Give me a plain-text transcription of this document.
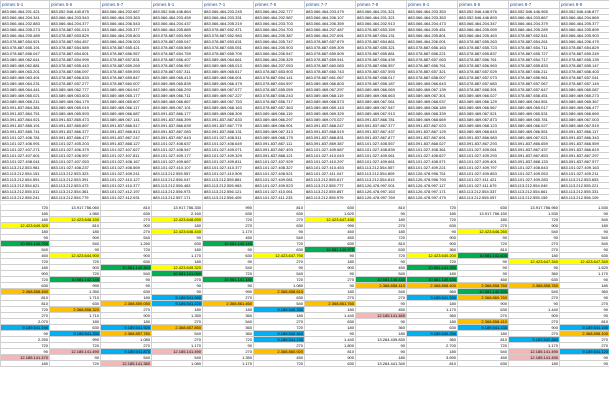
primes 5-1	primes 5-5	primes 5-7	primes 5-1	primes 7-1	primes 7-5	primes 7-7	primes 7-8	primes 8-1	primes 8-5	primes 8-7	primes 8-9
883.066.464.201.421	883.052.546.440.875	883.066.464.202.667	883.052.546.446.864	883.066.464.203.245	883.066.464.202.777	883.066.464.203.479	883.066.464.201.321	883.066.464.203.353	883.052.546.448.976	883.052.546.446.965	883.052.546.446.877
883.066.464.204.341	883.066.464.203.543	883.066.464.203.363	883.066.464.203.459	883.066.464.203.331	883.066.464.202.987	883.066.464.206.107	883.066.464.201.321	883.066.464.203.353	883.052.546.446.893	883.066.464.203.867	883.066.464.204.869
883.066.464.202.883	883.066.464.204.377	883.066.464.206.543	883.066.464.204.437	883.066.464.205.219	883.066.464.203.703	883.066.464.206.359	883.066.464.202.913	883.066.464.204.473	883.066.464.204.347	883.066.464.204.379	883.066.464.205.377
883.066.464.205.273	883.078.887.651.013	883.066.464.205.377	883.066.464.205.889	883.078.887.652.471	883.066.464.204.703	883.066.464.207.487	883.078.887.653.159	883.066.464.205.451	883.066.464.205.059	883.066.464.205.289	883.066.464.205.899
883.066.464.205.489	883.078.887.653.829	883.066.464.205.803	883.078.887.653.969	883.078.887.652.983	883.066.464.205.387	883.066.464.207.691	883.078.887.654.131	883.066.464.205.801	883.066.464.205.463	883.078.887.652.541	883.066.464.205.903
883.078.887.654.921	883.078.887.654.457	883.066.464.206.003	883.078.887.655.047	883.078.887.653.631	883.066.464.205.747	883.078.887.657.879	883.078.887.654.861	883.066.464.206.001	883.078.887.655.263	883.078.887.654.261	883.066.464.206.479
883.078.887.655.191	883.078.887.654.589	883.078.887.655.421	883.078.887.655.569	883.078.887.655.051	883.066.464.205.903	883.078.887.659.309	883.078.887.655.321	883.078.887.656.163	883.078.887.655.723	883.078.887.654.711	883.078.887.654.829
883.078.887.656.047	883.078.887.654.601	883.078.887.656.957	883.078.887.654.759	883.078.887.655.709	883.066.464.206.547	883.078.887.659.509	883.078.887.655.881	883.078.887.656.221	883.078.887.655.837	883.078.887.655.727	883.078.887.655.249
883.089.469.062.641	883.078.887.654.999	883.078.887.657.831	883.078.887.656.407	883.089.469.064.661	883.066.464.206.329	883.078.887.659.941	883.078.887.656.439	883.078.887.657.063	883.078.887.656.761	883.078.887.654.717	883.078.887.655.139
883.089.469.062.881	883.078.887.655.443	883.078.887.659.269	883.078.887.656.957	883.089.469.065.013	883.066.464.207.053	883.078.887.660.083	883.078.887.656.557	883.078.887.656.761	883.078.887.656.963	883.078.887.655.833	883.078.887.655.147
883.089.469.063.201	883.078.887.656.097	883.078.887.659.593	883.078.887.657.311	883.089.469.065.617	883.078.887.653.903	883.078.887.660.743	883.078.887.657.593	883.078.887.657.321	883.078.887.657.029	883.078.887.656.211	883.078.887.656.403
883.089.469.063.491	883.078.887.656.633	883.078.887.659.847	883.089.469.065.413	883.089.469.066.001	883.078.887.654.141	883.078.887.661.067	883.078.887.658.017	883.078.887.658.007	883.078.887.657.073	883.078.887.656.961	883.078.887.657.041
883.089.469.064.231	883.078.887.657.277	883.078.887.660.007	883.089.469.065.839	883.089.469.066.479	883.078.887.654.597	883.089.469.066.803	883.078.887.658.187	883.089.469.066.643	883.078.887.657.683	883.078.887.657.067	883.078.887.657.149
883.089.469.064.441	883.089.469.062.777	883.089.469.064.947	883.089.469.066.293	883.089.469.067.077	883.078.887.655.059	883.089.469.067.297	883.089.469.066.069	883.089.469.067.139	883.078.887.658.391	883.078.887.657.647	883.089.469.065.087
883.089.469.065.021	883.089.469.063.603	883.089.469.065.177	883.089.469.066.711	883.089.469.067.227	883.078.887.656.243	883.089.469.068.119	883.089.469.066.663	883.089.469.067.301	883.089.469.066.027	883.078.887.658.451	883.089.469.065.273
883.089.469.065.211	883.089.469.064.179	883.089.469.065.607	883.089.469.066.867	883.089.469.067.753	883.078.887.656.717	883.089.469.068.573	883.089.469.067.061	883.089.469.068.037	883.089.469.066.129	883.089.469.064.551	883.089.469.065.367
883.091.837.864.381	883.089.469.065.019	883.089.469.066.117	883.089.469.067.101	883.089.469.068.163	883.078.887.657.363	883.089.469.069.143	883.089.469.067.547	883.089.469.068.189	883.089.469.066.567	883.089.469.065.017	883.089.469.066.477
883.091.837.864.751	883.089.469.065.593	883.089.469.066.687	883.091.837.866.177	883.089.469.068.309	883.089.469.066.119	883.089.469.069.329	883.089.469.067.913	883.089.469.068.339	883.089.469.067.521	883.089.469.065.531	883.089.469.066.669
883.091.837.864.921	883.091.837.865.473	883.089.469.067.141	883.091.837.866.399	883.091.837.867.633	883.089.469.066.297	883.089.469.070.027	883.091.837.866.781	883.089.469.068.669	883.089.469.067.873	883.089.469.065.781	883.089.469.067.003
883.091.837.865.191	883.091.837.865.897	883.091.837.866.517	883.091.837.866.639	883.091.837.867.779	883.089.469.066.901	883.091.837.868.247	883.091.837.867.377	883.091.837.867.023	883.089.469.068.123	883.089.469.066.027	883.089.469.067.519
883.091.837.865.741	883.091.837.866.377	883.091.837.866.813	883.091.837.867.083	883.091.837.868.131	883.089.469.067.313	883.091.837.868.519	883.091.837.867.437	883.091.837.867.129	883.089.469.068.643	883.089.469.066.551	883.091.837.866.117
883.101.027.406.781	883.091.837.866.477	883.091.837.867.247	883.091.837.867.643	883.101.027.408.511	883.089.469.068.179	883.091.837.868.831	883.091.837.867.877	883.091.837.867.691	883.091.837.866.983	883.089.469.067.021	883.091.837.866.343
883.101.027.406.991	883.101.027.405.203	883.091.837.868.127	883.101.027.408.637	883.101.027.408.649	883.091.837.867.111	883.091.837.869.387	883.101.027.408.557	883.091.837.868.027	883.091.837.867.293	883.091.837.866.659	883.091.837.866.559
883.101.027.407.271	883.101.027.406.379	883.101.027.407.627	883.101.027.408.947	883.101.027.409.071	883.091.837.867.493	883.101.027.409.687	883.101.027.408.839	883.101.027.408.361	883.101.027.409.061	883.091.837.867.437	883.091.837.866.819
883.101.027.407.601	883.101.027.406.597	883.101.027.407.811	883.101.027.409.177	883.101.027.409.329	883.091.837.868.121	883.101.027.410.043	883.101.027.409.061	883.101.027.408.627	883.101.027.409.293	883.091.837.867.853	883.091.837.867.297
883.101.027.408.041	883.101.027.407.053	883.101.027.408.167	883.101.027.409.667	883.101.027.409.811	883.101.027.407.929	883.101.027.410.297	883.101.027.409.661	883.101.027.408.971	883.101.027.409.401	883.091.837.868.133	883.091.837.867.577
883.113.212.553.981	883.101.027.408.237	883.101.027.408.569	883.101.027.410.107	883.101.027.410.377	883.101.027.408.327	883.101.027.410.453	883.113.212.554.557	883.101.027.409.221	883.101.027.409.797	883.101.027.408.643	883.101.027.409.163
883.113.212.554.151	883.113.212.553.323	883.101.027.409.241	883.113.212.555.557	883.101.027.410.509	883.101.027.408.521	883.101.027.411.047	883.113.212.554.809	883.126.478.996.751	883.101.027.409.853	883.101.027.409.053	883.101.027.409.211
883.113.212.554.591	883.113.212.553.391	883.101.027.410.127	883.113.212.556.047	883.113.212.555.881	883.101.027.409.081	883.113.212.555.617	883.113.212.554.813	883.126.478.996.793	883.101.027.411.421	883.101.027.409.283	883.113.212.553.653
883.113.212.554.621	883.113.212.553.473	883.101.027.410.377	883.113.212.556.463	883.113.212.555.963	883.101.027.409.523	883.113.212.555.777	883.126.478.997.001	883.126.478.997.117	883.101.027.411.679	883.113.212.554.049	883.113.212.555.221
883.113.212.555.011	883.113.212.554.361	883.101.027.412.197	883.113.212.556.973	883.113.212.556.121	883.101.027.410.061	883.113.212.555.857	883.126.478.997.163	883.126.478.997.171	883.113.212.554.337	883.113.212.554.661	883.113.212.555.331
883.113.212.555.241	883.113.212.554.779	883.101.027.412.931	883.113.212.557.171	883.113.212.556.409	883.101.027.411.233	883.113.212.555.979	883.126.478.997.769	883.126.478.997.479	883.113.212.555.057	883.113.212.555.159	883.113.212.556.109

720	13.917.756.060	810	13.917.756.330	990	810	630	810	720	630	13.917.756.960	1.530
180	1.980	630	2.160	630	630	1.620	90	180	13.917.756.150	1.530	90
180	12.423.648.150	270	12.423.648.690	720	270	12.423.647.430	180	720	180	720	540
12.423.649.320	810	900	180	270	630	990	270	630	270	900	180
180	180	270	12.423.646.440	1.170	90	450	180	90	12.423.646.260	540	90
90	900	540	90	450	540	450	720	900	90	90	540
10.581.140.700	540	1.260	630	10.581.142.140	720	630	810	900	720	270	540
540	90	720	180	90	630	10.581.140.970	630	360	810	270	90
450	12.423.644.900	900	1.170	630	12.423.647.790	90	720	12.423.640.200	10.581.141.600	180	630
720	720	630	180	90	270	180	90	720	90	12.423.647.340	12.423.647.340
180	900	10.581.140.340	12.423.649.320	540	90	900	450	10.581.141.330	90	90	1.620
900	720	540	10.581.141.060	720	540	90	540	180	90	360	1.170
720	10.581.142.140	90	270	10.581.141.150	720	270	10.581.140.430	10.581.139.630	450	630	90
630	990	90	90	90	1.080	90	2.368.858.410	2.368.858.400	2.368.858.760	2.368.858.760	180
2.368.858.490	1.350	630	90	990	2.368.858.610	180	540	360	10.581.140.520	540	360
810	1.710	180	9.189.541.980	270	630	270	270	9.189.541.530	2.368.860.760	270	90
810	630	2.368.859.050	9.189.541.220	2.368.861.460	540	2.368.861.760	90	180	900	90	270
720	2.368.858.320	270	180	180	9.189.540.330	180	450	1.170	630	1.440	90
270	1.710	900	1.350	360	180	1.440	12.185.141.460	360	270	900	90
2.070	180	180	270	540	270	630	90	180	2.368.858.410	270	810
9.189.541.190	630	9.189.541.920	2.368.857.850	360	720	180	360	630	9.189.541.430	900	9.189.541.190
90	9.189.541.330	2.368.857.780	540	360	9.189.542.460	90	180	9.189.540.290	180	270	2.368.858.100
2.250	990	1.080	270	720	9.189.541.130	1.440	13.264.439.830	360	810	9.189.540.880	270
720	720	270	1.170	90	270	1.800	90	2.700	720	1.170	270
90	12.185.141.490	9.189.541.870	12.185.141.490	270	2.368.860.920	810	90	180	540	12.185.141.490	9.189.541.120
12.185.141.470	90	540	540	1.350	450	900	180	3.690	450	12.185.141.490	90
180	720	12.185.141.380	1.080	1.170	720	630	13.264.441.340	810	630	180	90
